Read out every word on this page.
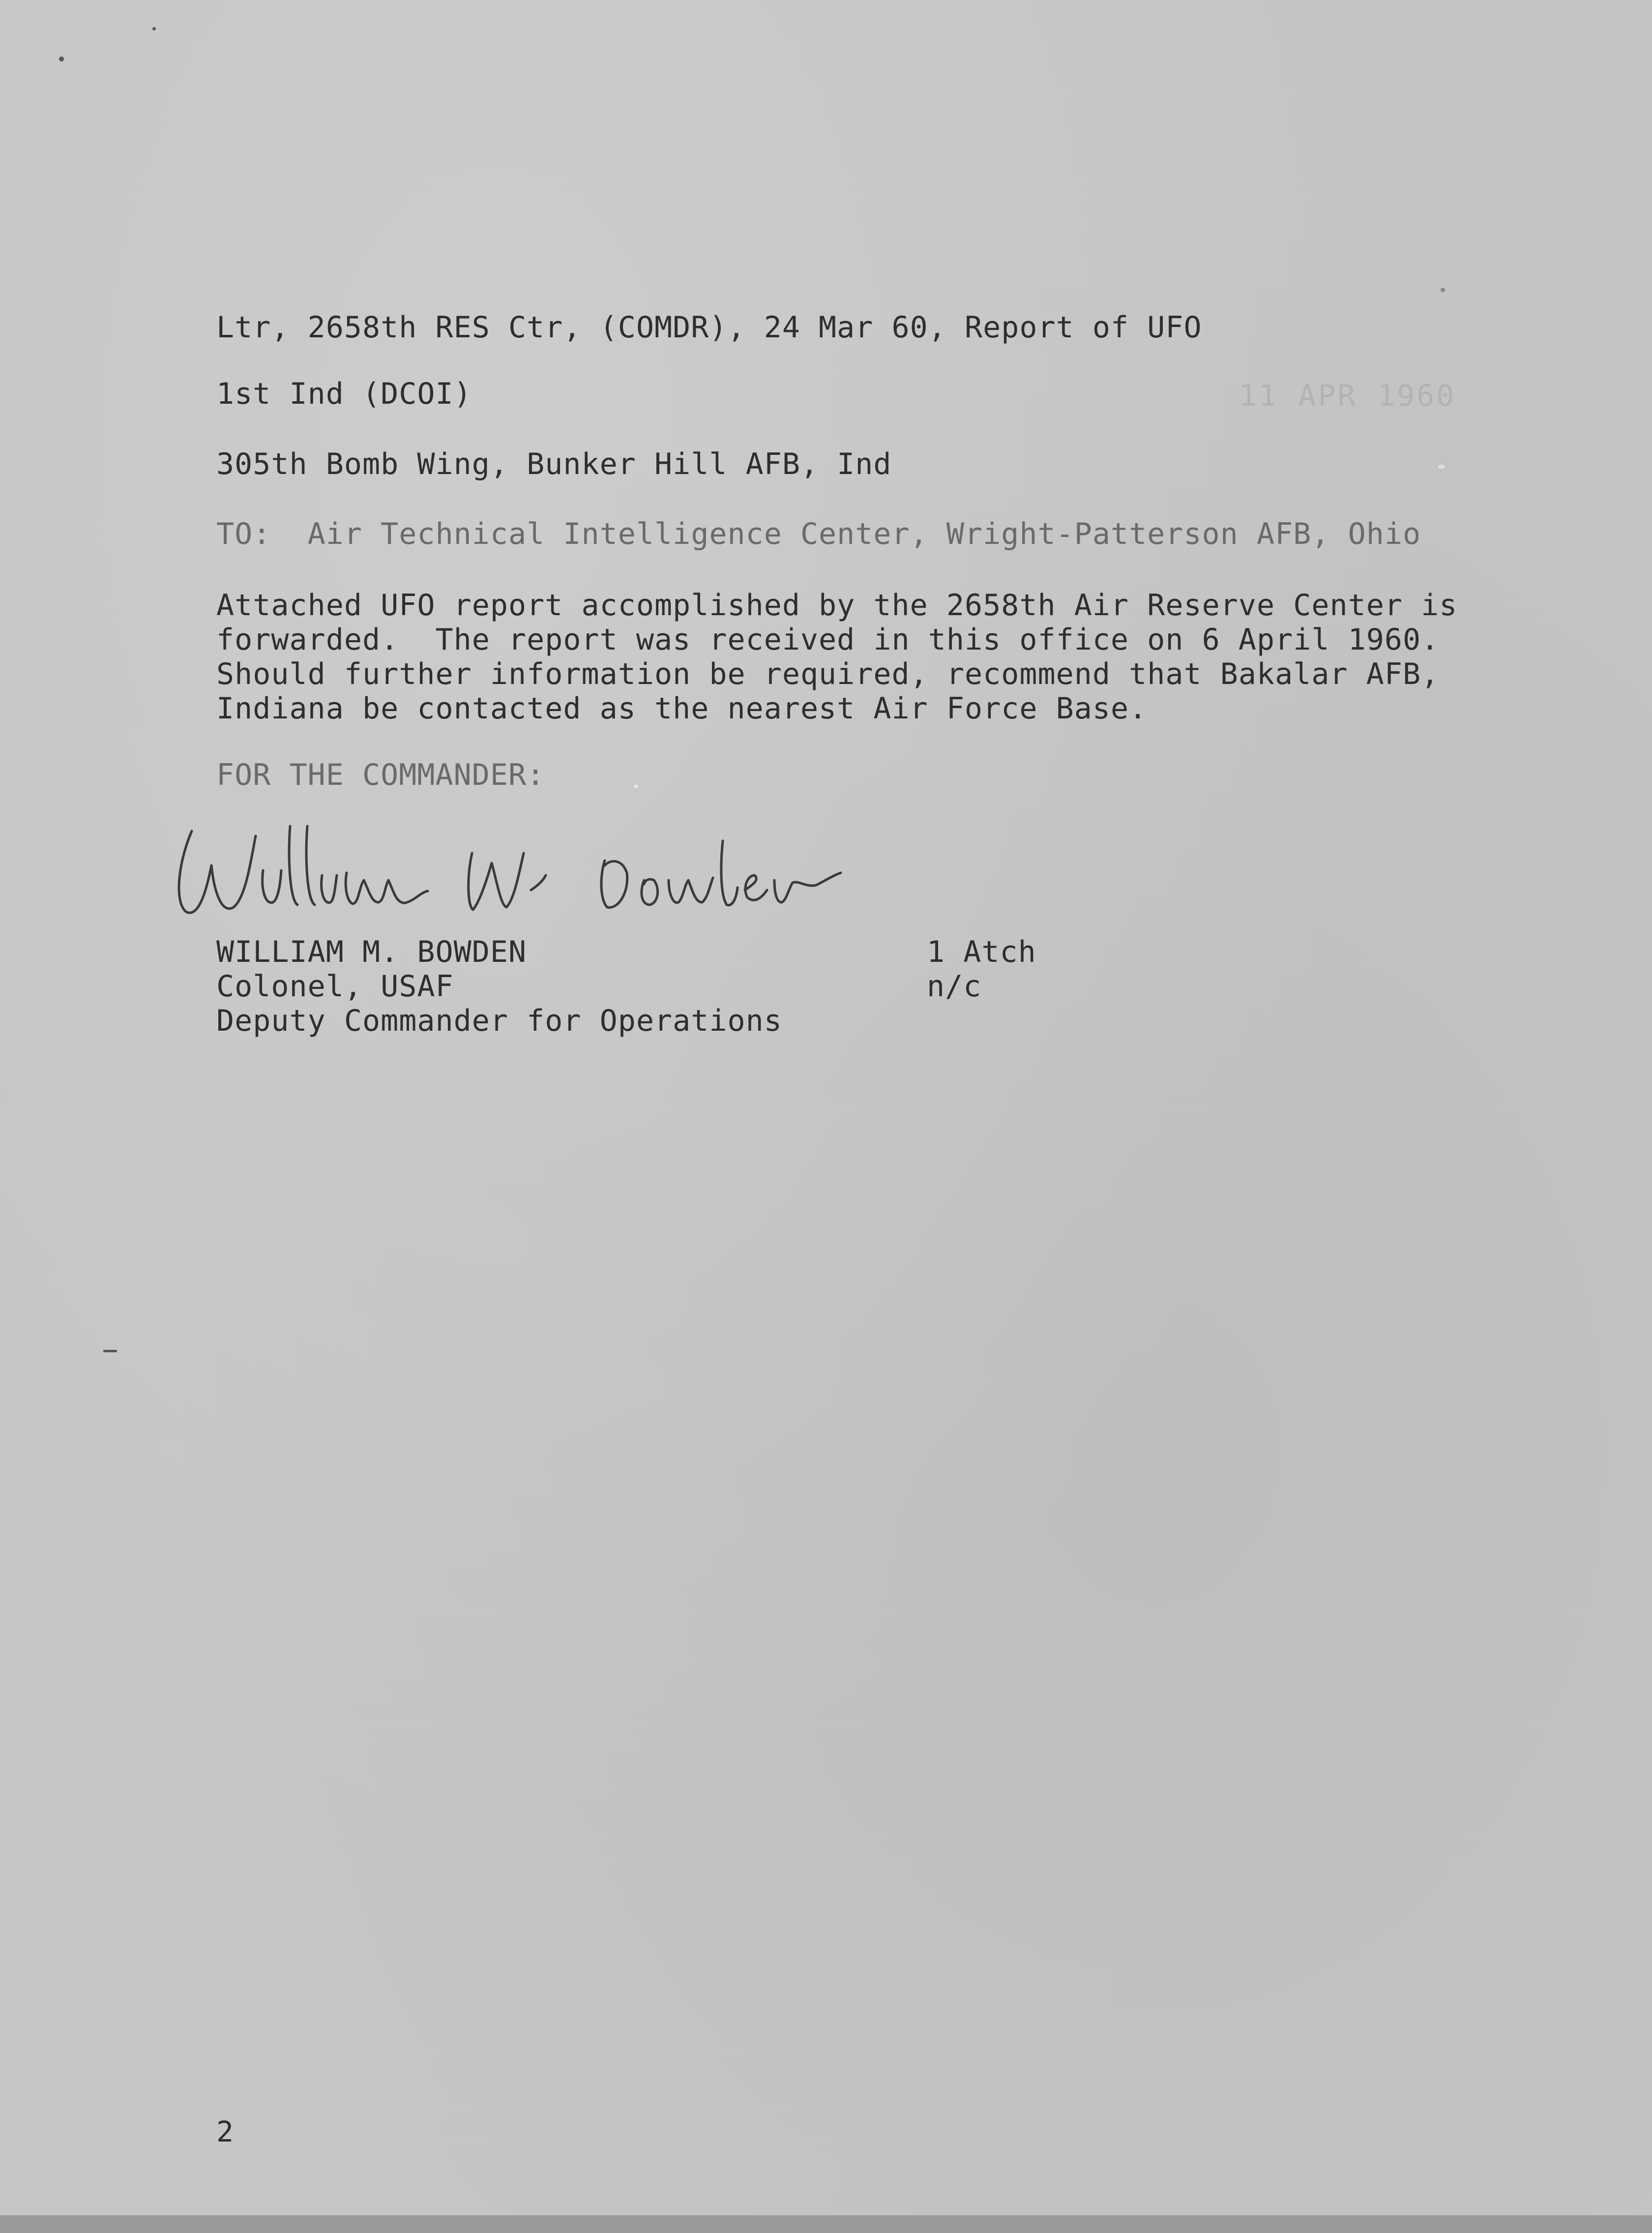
Ltr, 2658th RES Ctr, (COMDR), 24 Mar 60, Report of UFO
1st Ind (DCOI)	11 APR 1960
305th Bomb Wing, Bunker Hill AFB, Ind
TO:  Air Technical Intelligence Center, Wright-Patterson AFB, Ohio
Attached UFO report accomplished by the 2658th Air Reserve Center is
forwarded.  The report was received in this office on 6 April 1960.
Should further information be required, recommend that Bakalar AFB,
Indiana be contacted as the nearest Air Force Base.
FOR THE COMMANDER:
WILLIAM M. BOWDEN
Colonel, USAF
Deputy Commander for Operations
1 Atch
n/c
2
